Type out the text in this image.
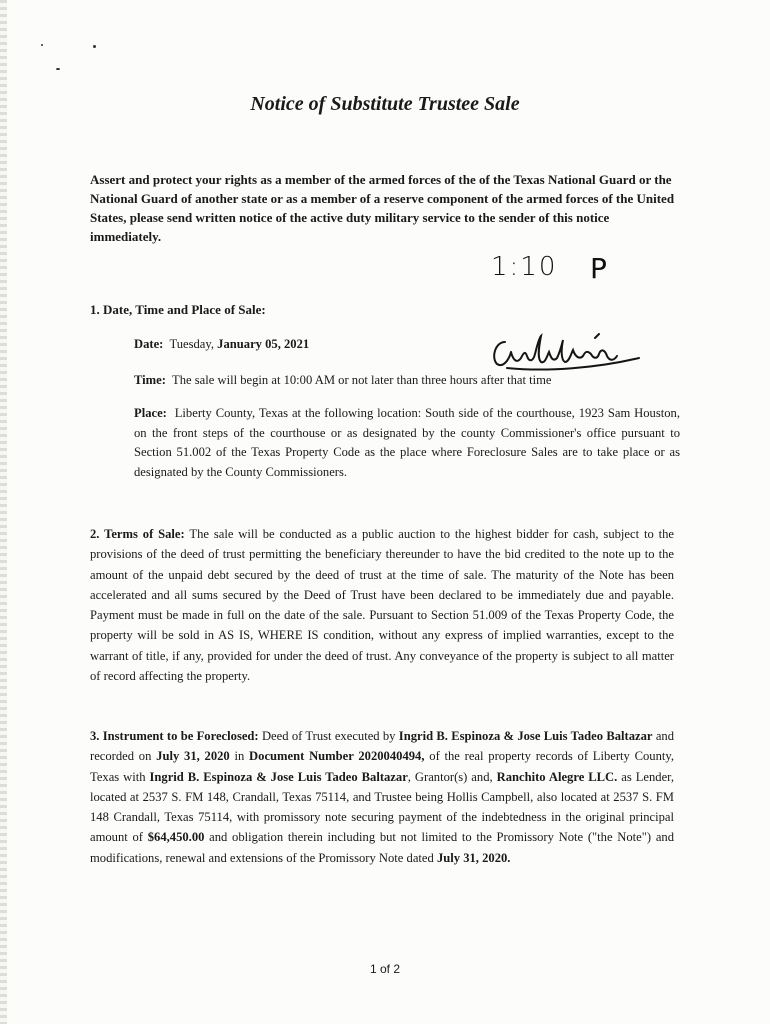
Notice of Substitute Trustee Sale

Assert and protect your rights as a member of the armed forces of the of the Texas National Guard or the National Guard of another state or as a member of a reserve component of the armed forces of the United States, please send written notice of the active duty military service to the sender of this notice immediately.

1:10 P

1. Date, Time and Place of Sale:

Date: Tuesday, January 05, 2021

Time: The sale will begin at 10:00 AM or not later than three hours after that time

Place: Liberty County, Texas at the following location: South side of the courthouse, 1923 Sam Houston, on the front steps of the courthouse or as designated by the county Commissioner's office pursuant to Section 51.002 of the Texas Property Code as the place where Foreclosure Sales are to take place or as designated by the County Commissioners.

2. Terms of Sale: The sale will be conducted as a public auction to the highest bidder for cash, subject to the provisions of the deed of trust permitting the beneficiary thereunder to have the bid credited to the note up to the amount of the unpaid debt secured by the deed of trust at the time of sale. The maturity of the Note has been accelerated and all sums secured by the Deed of Trust have been declared to be immediately due and payable. Payment must be made in full on the date of the sale. Pursuant to Section 51.009 of the Texas Property Code, the property will be sold in AS IS, WHERE IS condition, without any express of implied warranties, except to the warrant of title, if any, provided for under the deed of trust. Any conveyance of the property is subject to all matter of record affecting the property.

3. Instrument to be Foreclosed: Deed of Trust executed by Ingrid B. Espinoza & Jose Luis Tadeo Baltazar and recorded on July 31, 2020 in Document Number 2020040494, of the real property records of Liberty County, Texas with Ingrid B. Espinoza & Jose Luis Tadeo Baltazar, Grantor(s) and, Ranchito Alegre LLC. as Lender, located at 2537 S. FM 148, Crandall, Texas 75114, and Trustee being Hollis Campbell, also located at 2537 S. FM 148 Crandall, Texas 75114, with promissory note securing payment of the indebtedness in the original principal amount of $64,450.00 and obligation therein including but not limited to the Promissory Note ("the Note") and modifications, renewal and extensions of the Promissory Note dated July 31, 2020.

1 of 2
